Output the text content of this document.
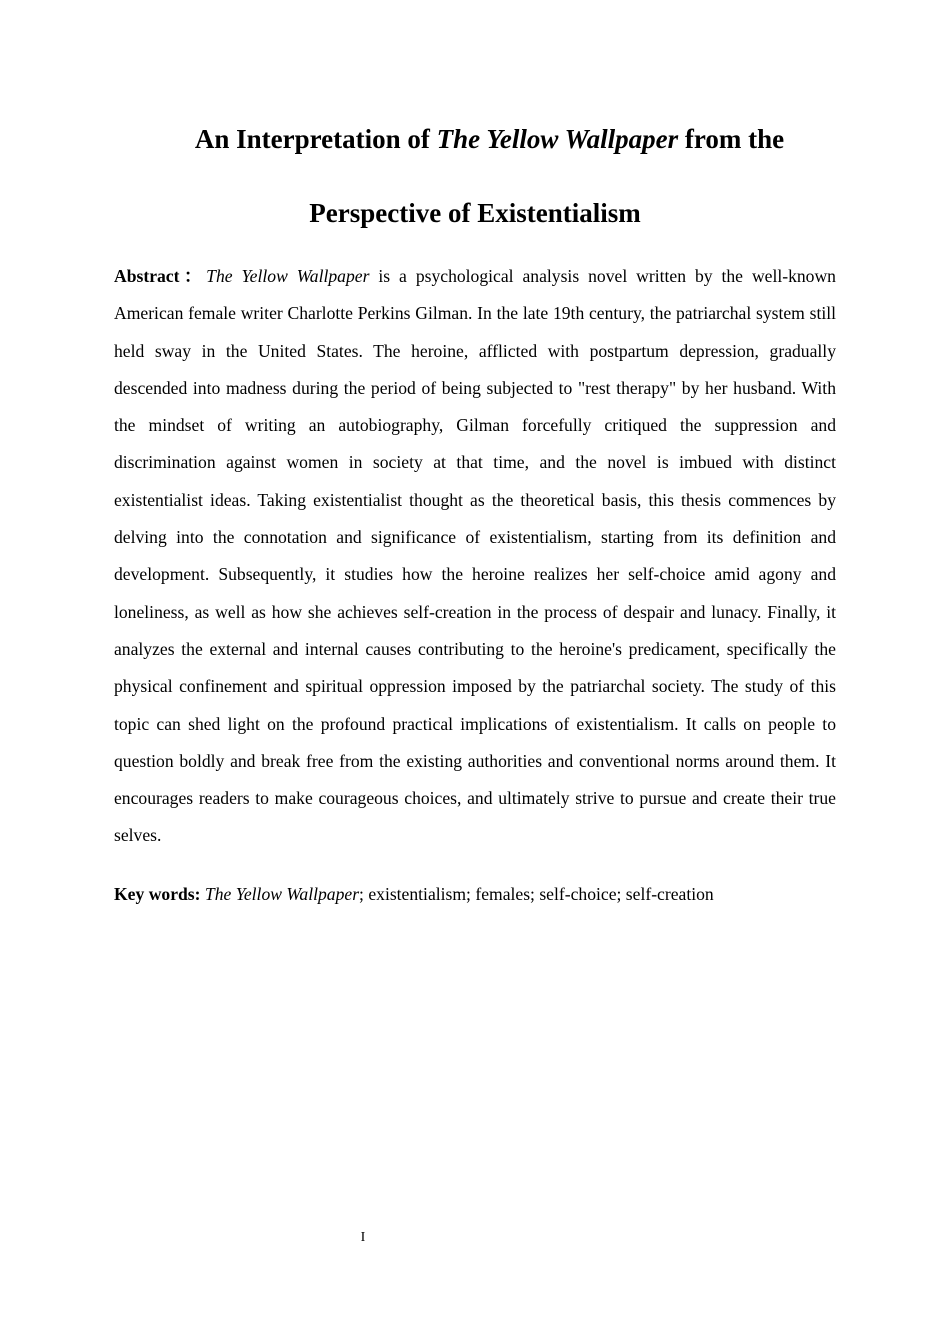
An Interpretation of The Yellow Wallpaper from the
Perspective of Existentialism

Abstract：The Yellow Wallpaper is a psychological analysis novel written by the well-known American female writer Charlotte Perkins Gilman. In the late 19th century, the patriarchal system still held sway in the United States. The heroine, afflicted with postpartum depression, gradually descended into madness during the period of being subjected to "rest therapy" by her husband. With the mindset of writing an autobiography, Gilman forcefully critiqued the suppression and discrimination against women in society at that time, and the novel is imbued with distinct existentialist ideas. Taking existentialist thought as the theoretical basis, this thesis commences by delving into the connotation and significance of existentialism, starting from its definition and development. Subsequently, it studies how the heroine realizes her self-choice amid agony and loneliness, as well as how she achieves self-creation in the process of despair and lunacy. Finally, it analyzes the external and internal causes contributing to the heroine's predicament, specifically the physical confinement and spiritual oppression imposed by the patriarchal society. The study of this topic can shed light on the profound practical implications of existentialism. It calls on people to question boldly and break free from the existing authorities and conventional norms around them. It encourages readers to make courageous choices, and ultimately strive to pursue and create their true selves.

Key words: The Yellow Wallpaper; existentialism; females; self-choice; self-creation

I
